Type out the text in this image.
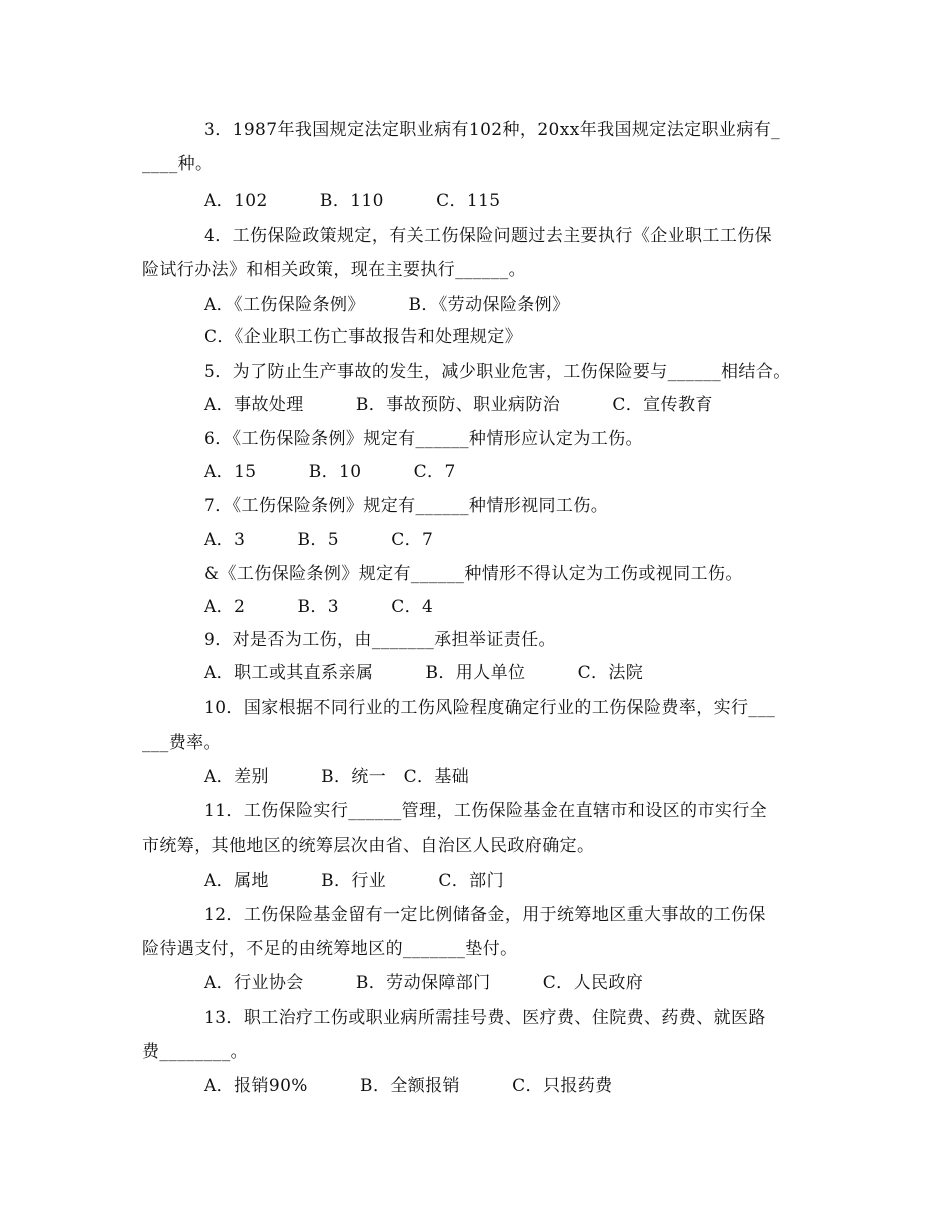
3．1987年我国规定法定职业病有102种，20xx年我国规定法定职业病有_
____种。
A．102　　　B．110　　　C．115
4．工伤保险政策规定，有关工伤保险问题过去主要执行《企业职工工伤保
险试行办法》和相关政策，现在主要执行______。
A．《工伤保险条例》　　　B．《劳动保险条例》
C．《企业职工伤亡事故报告和处理规定》
5．为了防止生产事故的发生，减少职业危害，工伤保险要与______相结合。
A．事故处理　　　B．事故预防、职业病防治　　　C．宣传教育
6．《工伤保险条例》规定有______种情形应认定为工伤。
A．15　　　B．10　　　C．7
7．《工伤保险条例》规定有______种情形视同工伤。
A．3　　　B．5　　　C．7
&《工伤保险条例》规定有______种情形不得认定为工伤或视同工伤。
A．2　　　B．3　　　C．4
9．对是否为工伤，由_______承担举证责任。
A．职工或其直系亲属　　　B．用人单位　　　C．法院
10．国家根据不同行业的工伤风险程度确定行业的工伤保险费率，实行___
___费率。
A．差别　　　B．统一　C．基础
11．工伤保险实行______管理，工伤保险基金在直辖市和设区的市实行全
市统筹，其他地区的统筹层次由省、自治区人民政府确定。
A．属地　　　B．行业　　　C．部门
12．工伤保险基金留有一定比例储备金，用于统筹地区重大事故的工伤保
险待遇支付，不足的由统筹地区的_______垫付。
A．行业协会　　　B．劳动保障部门　　　C．人民政府
13．职工治疗工伤或职业病所需挂号费、医疗费、住院费、药费、就医路
费________。
A．报销90%　　　B．全额报销　　　C．只报药费
